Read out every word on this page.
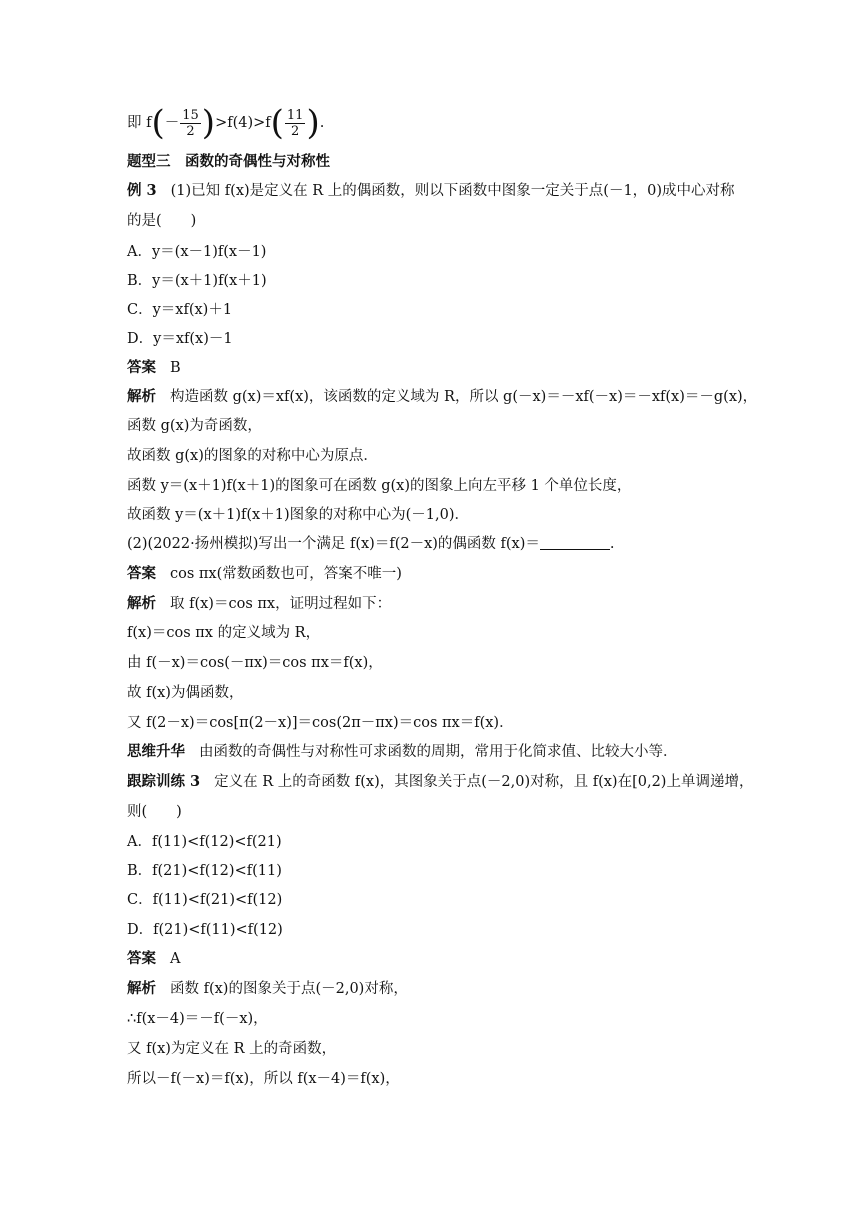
即 f ( － $\frac{15}{2}$ ) >f(4)>f ( $\frac{11}{2}$ ) .
题型三　函数的奇偶性与对称性
例 3 (1)已知 f(x)是定义在 R 上的偶函数，则以下函数中图象一定关于点(－1，0)成中心对称
的是(　　)
A．y＝(x－1)f(x－1)
B．y＝(x＋1)f(x＋1)
C．y＝xf(x)＋1
D．y＝xf(x)－1
答案 B
解析 构造函数 g(x)＝xf(x)，该函数的定义域为 R，所以 g(－x)＝－xf(－x)＝－xf(x)＝－g(x)，
函数 g(x)为奇函数，
故函数 g(x)的图象的对称中心为原点．
函数 y＝(x＋1)f(x＋1)的图象可在函数 g(x)的图象上向左平移 1 个单位长度，
故函数 y＝(x＋1)f(x＋1)图象的对称中心为(－1,0)．
(2)(2022·扬州模拟)写出一个满足 f(x)＝f(2－x)的偶函数 f(x)＝	.
答案 cos πx(常数函数也可，答案不唯一)
解析 取 f(x)＝cos πx，证明过程如下：
f(x)＝cos πx 的定义域为 R，
由 f(－x)＝cos(－πx)＝cos πx＝f(x)，
故 f(x)为偶函数，
又 f(2－x)＝cos[π(2－x)]＝cos(2π－πx)＝cos πx＝f(x)．
思维升华 由函数的奇偶性与对称性可求函数的周期，常用于化简求值、比较大小等．
跟踪训练 3 定义在 R 上的奇函数 f(x)，其图象关于点(－2,0)对称，且 f(x)在[0,2)上单调递增，
则(　　)
A．f(11)<f(12)<f(21)
B．f(21)<f(12)<f(11)
C．f(11)<f(21)<f(12)
D．f(21)<f(11)<f(12)
答案 A
解析 函数 f(x)的图象关于点(－2,0)对称，
∴f(x－4)＝－f(－x)，
又 f(x)为定义在 R 上的奇函数，
所以－f(－x)＝f(x)，所以 f(x－4)＝f(x)，
